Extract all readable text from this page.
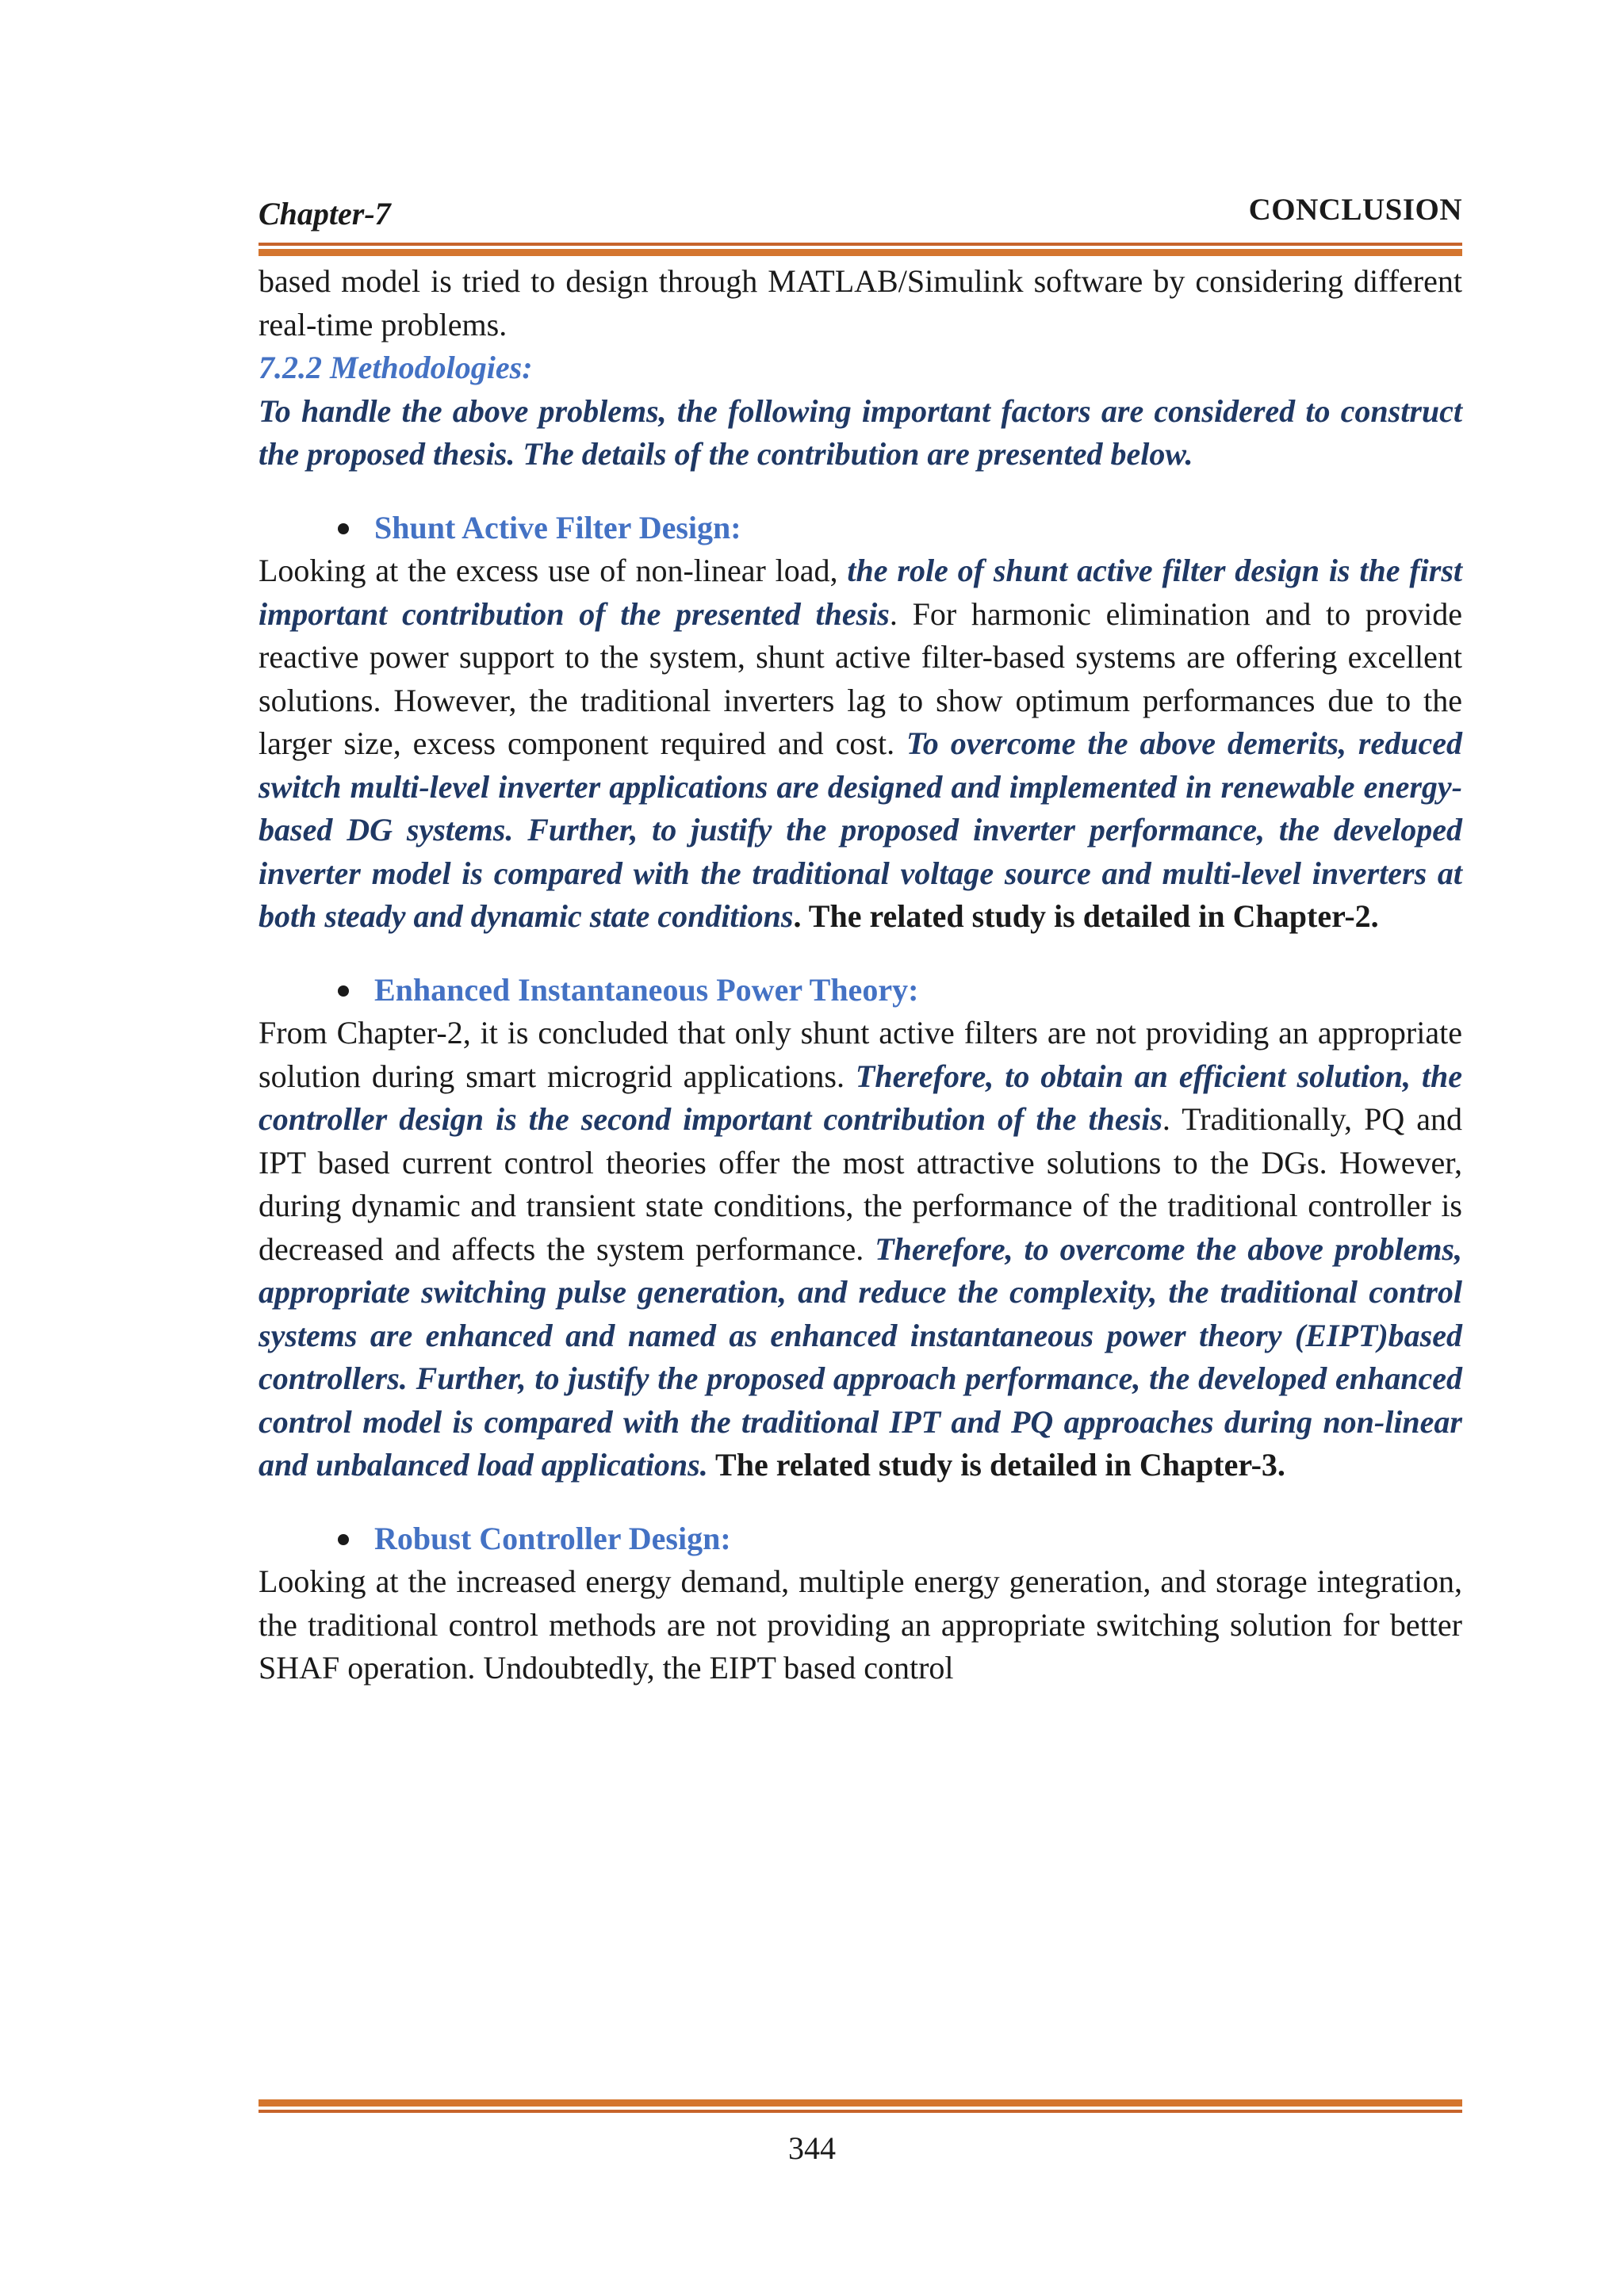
Chapter-7	CONCLUSION

based model is tried to design through MATLAB/Simulink software by considering different real-time problems.

7.2.2 Methodologies:

To handle the above problems, the following important factors are considered to construct the proposed thesis. The details of the contribution are presented below.

Shunt Active Filter Design:

Looking at the excess use of non-linear load, the role of shunt active filter design is the first important contribution of the presented thesis. For harmonic elimination and to provide reactive power support to the system, shunt active filter-based systems are offering excellent solutions. However, the traditional inverters lag to show optimum performances due to the larger size, excess component required and cost. To overcome the above demerits, reduced switch multi-level inverter applications are designed and implemented in renewable energy-based DG systems. Further, to justify the proposed inverter performance, the developed inverter model is compared with the traditional voltage source and multi-level inverters at both steady and dynamic state conditions. The related study is detailed in Chapter-2.

Enhanced Instantaneous Power Theory:

From Chapter-2, it is concluded that only shunt active filters are not providing an appropriate solution during smart microgrid applications. Therefore, to obtain an efficient solution, the controller design is the second important contribution of the thesis. Traditionally, PQ and IPT based current control theories offer the most attractive solutions to the DGs. However, during dynamic and transient state conditions, the performance of the traditional controller is decreased and affects the system performance. Therefore, to overcome the above problems, appropriate switching pulse generation, and reduce the complexity, the traditional control systems are enhanced and named as enhanced instantaneous power theory (EIPT)based controllers. Further, to justify the proposed approach performance, the developed enhanced control model is compared with the traditional IPT and PQ approaches during non-linear and unbalanced load applications. The related study is detailed in Chapter-3.

Robust Controller Design:

Looking at the increased energy demand, multiple energy generation, and storage integration, the traditional control methods are not providing an appropriate switching solution for better SHAF operation. Undoubtedly, the EIPT based control

344
